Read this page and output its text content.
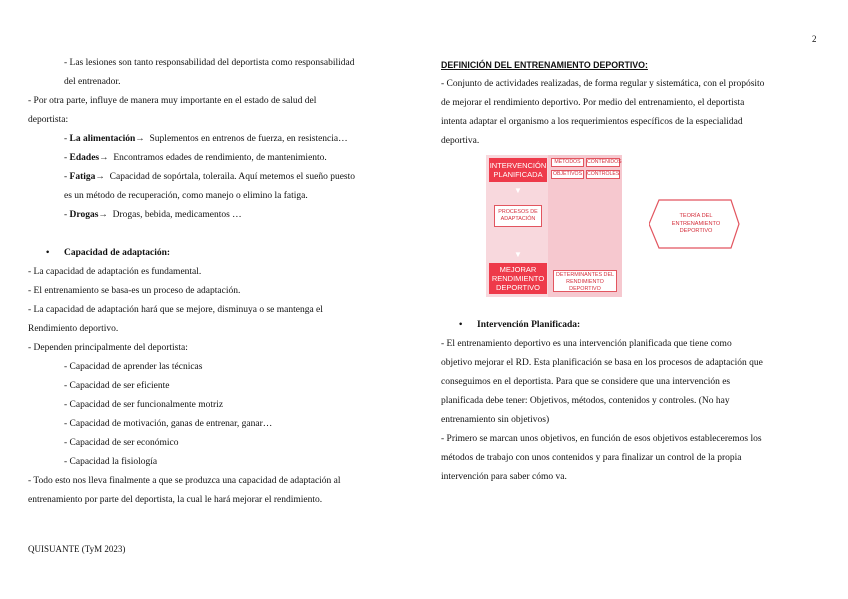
2
- Las lesiones son tanto responsabilidad del deportista como responsabilidad
del entrenador.
- Por otra parte, influye de manera muy importante en el estado de salud del
deportista:
- La alimentación→ Suplementos en entrenos de fuerza, en resistencia…
- Edades→ Encontramos edades de rendimiento, de mantenimiento.
- Fatiga→ Capacidad de sopórtala, toleraila. Aquí metemos el sueño puesto
es un método de recuperación, como manejo o elimino la fatiga.
- Drogas→ Drogas, bebida, medicamentos …
• Capacidad de adaptación:
- La capacidad de adaptación es fundamental.
- El entrenamiento se basa-es un proceso de adaptación.
- La capacidad de adaptación hará que se mejore, disminuya o se mantenga el
Rendimiento deportivo.
- Dependen principalmente del deportista:
- Capacidad de aprender las técnicas
- Capacidad de ser eficiente
- Capacidad de ser funcionalmente motriz
- Capacidad de motivación, ganas de entrenar, ganar…
- Capacidad de ser económico
- Capacidad la fisiología
- Todo esto nos lleva finalmente a que se produzca una capacidad de adaptación al
entrenamiento por parte del deportista, la cual le hará mejorar el rendimiento.
DEFINICIÓN DEL ENTRENAMIENTO DEPORTIVO:
- Conjunto de actividades realizadas, de forma regular y sistemática, con el propósito
de mejorar el rendimiento deportivo. Por medio del entrenamiento, el deportista
intenta adaptar el organismo a los requerimientos específicos de la especialidad
deportiva.
INTERVENCIÓN PLANIFICADA
MÉTODOS	CONTENIDOS
OBJETIVOS CONTROLES
▼
PROCESOS DE ADAPTACIÓN
▼
MEJORAR RENDIMIENTO DEPORTIVO
DETERMINANTES DEL RENDIMIENTO DEPORTIVO
TEORÍA DEL ENTRENAMIENTO DEPORTIVO
• Intervención Planificada:
- El entrenamiento deportivo es una intervención planificada que tiene como
objetivo mejorar el RD. Esta planificación se basa en los procesos de adaptación que
conseguimos en el deportista. Para que se considere que una intervención es
planificada debe tener: Objetivos, métodos, contenidos y controles. (No hay
entrenamiento sin objetivos)
- Primero se marcan unos objetivos, en función de esos objetivos estableceremos los
métodos de trabajo con unos contenidos y para finalizar un control de la propia
intervención para saber cómo va.
QUISUANTE (TyM 2023)
